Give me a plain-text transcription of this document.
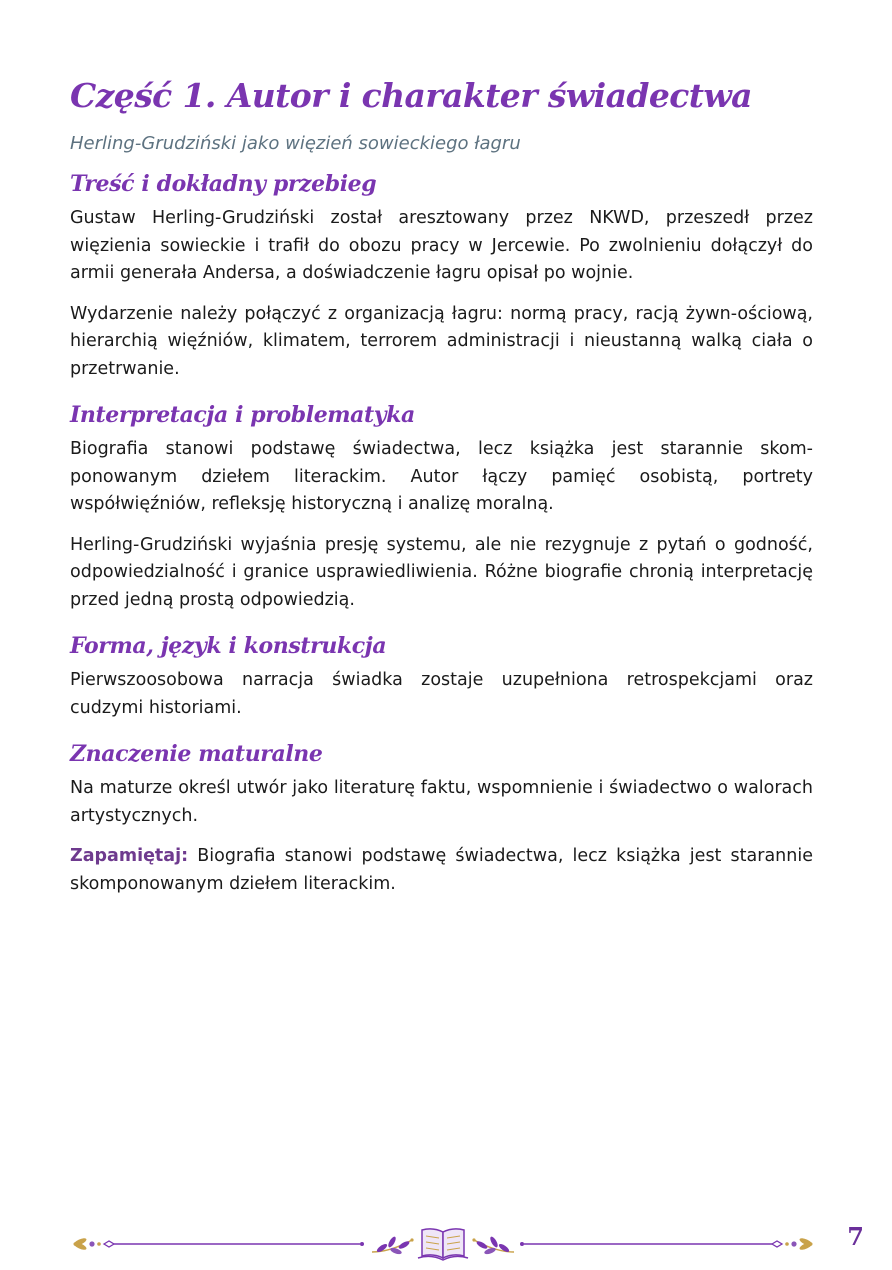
Część 1. Autor i charakter świadectwa
Herling-Grudziński jako więzień sowieckiego łagru
Treść i dokładny przebieg

Gustaw Herling-Grudziński został aresztowany przez NKWD, przeszedł przez więzienia sowieckie i trafił do obozu pracy w Jercewie. Po zwolnieniu dołączył do armii generała Andersa, a doświadczenie łagru opisał po wojnie.

Wydarzenie należy połączyć z organizacją łagru: normą pracy, racją żywn-ościową, hierarchią więźniów, klimatem, terrorem administracji i nieustanną walką ciała o przetrwanie.

Interpretacja i problematyka

Biografia stanowi podstawę świadectwa, lecz książka jest starannie skom-ponowanym dziełem literackim. Autor łączy pamięć osobistą, portrety współwięźniów, refleksję historyczną i analizę moralną.

Herling-Grudziński wyjaśnia presję systemu, ale nie rezygnuje z pytań o godność, odpowiedzialność i granice usprawiedliwienia. Różne biografie chronią interpretację przed jedną prostą odpowiedzią.

Forma, język i konstrukcja

Pierwszoosobowa narracja świadka zostaje uzupełniona retrospekcjami oraz cudzymi historiami.

Znaczenie maturalne

Na maturze określ utwór jako literaturę faktu, wspomnienie i świadectwo o walorach artystycznych.

Zapamiętaj: Biografia stanowi podstawę świadectwa, lecz książka jest starannie skomponowanym dziełem literackim.

7
